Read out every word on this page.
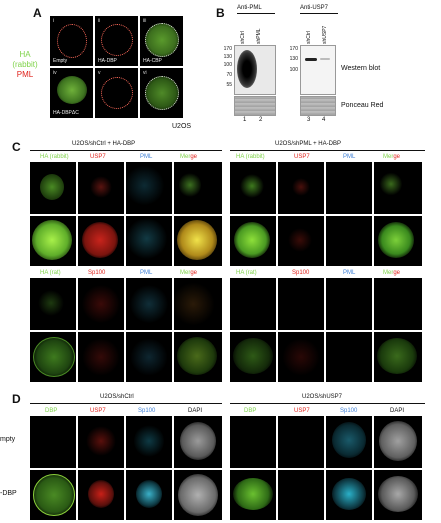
A
HA
(rabbit)
PML
i
Empty
ii
HA-DBP
iii
HA-CBP
iv
HA-DBPΔC
v	vi
U2OS
B Anti-PML	Anti-USP7
shCtrl shPML	shCtrl shUSP7
170
130
100
70
55
1 2
170
130
100
3 4
Western blot
Ponceau Red
C	U2OS/shCtrl + HA-DBP	U2OS/shPML + HA-DBP
HA (rabbit)	USP7	PML	Merge	HA (rabbit)	USP7	PML	Merge
HA (rat)	Sp100	PML	Merge	HA (rat)	Sp100	PML	Merge
D	U2OS/shCtrl	U2OS/shUSP7
DBP	USP7	Sp100	DAPI	DBP	USP7	Sp100	DAPI
mpty
-DBP
